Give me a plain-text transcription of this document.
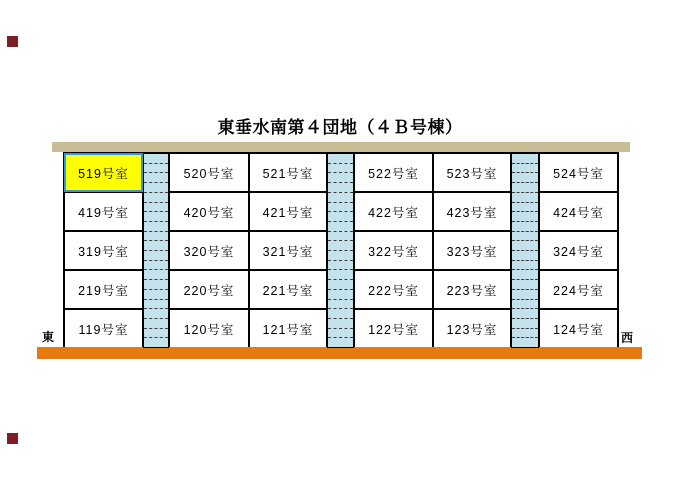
東垂水南第４団地（４Ｂ号棟）
519号室	520号室	521号室	522号室	523号室	524号室
419号室	420号室	421号室	422号室	423号室	424号室
319号室	320号室	321号室	322号室	323号室	324号室
219号室	220号室	221号室	222号室	223号室	224号室
119号室	120号室	121号室	122号室	123号室	124号室
東	西
